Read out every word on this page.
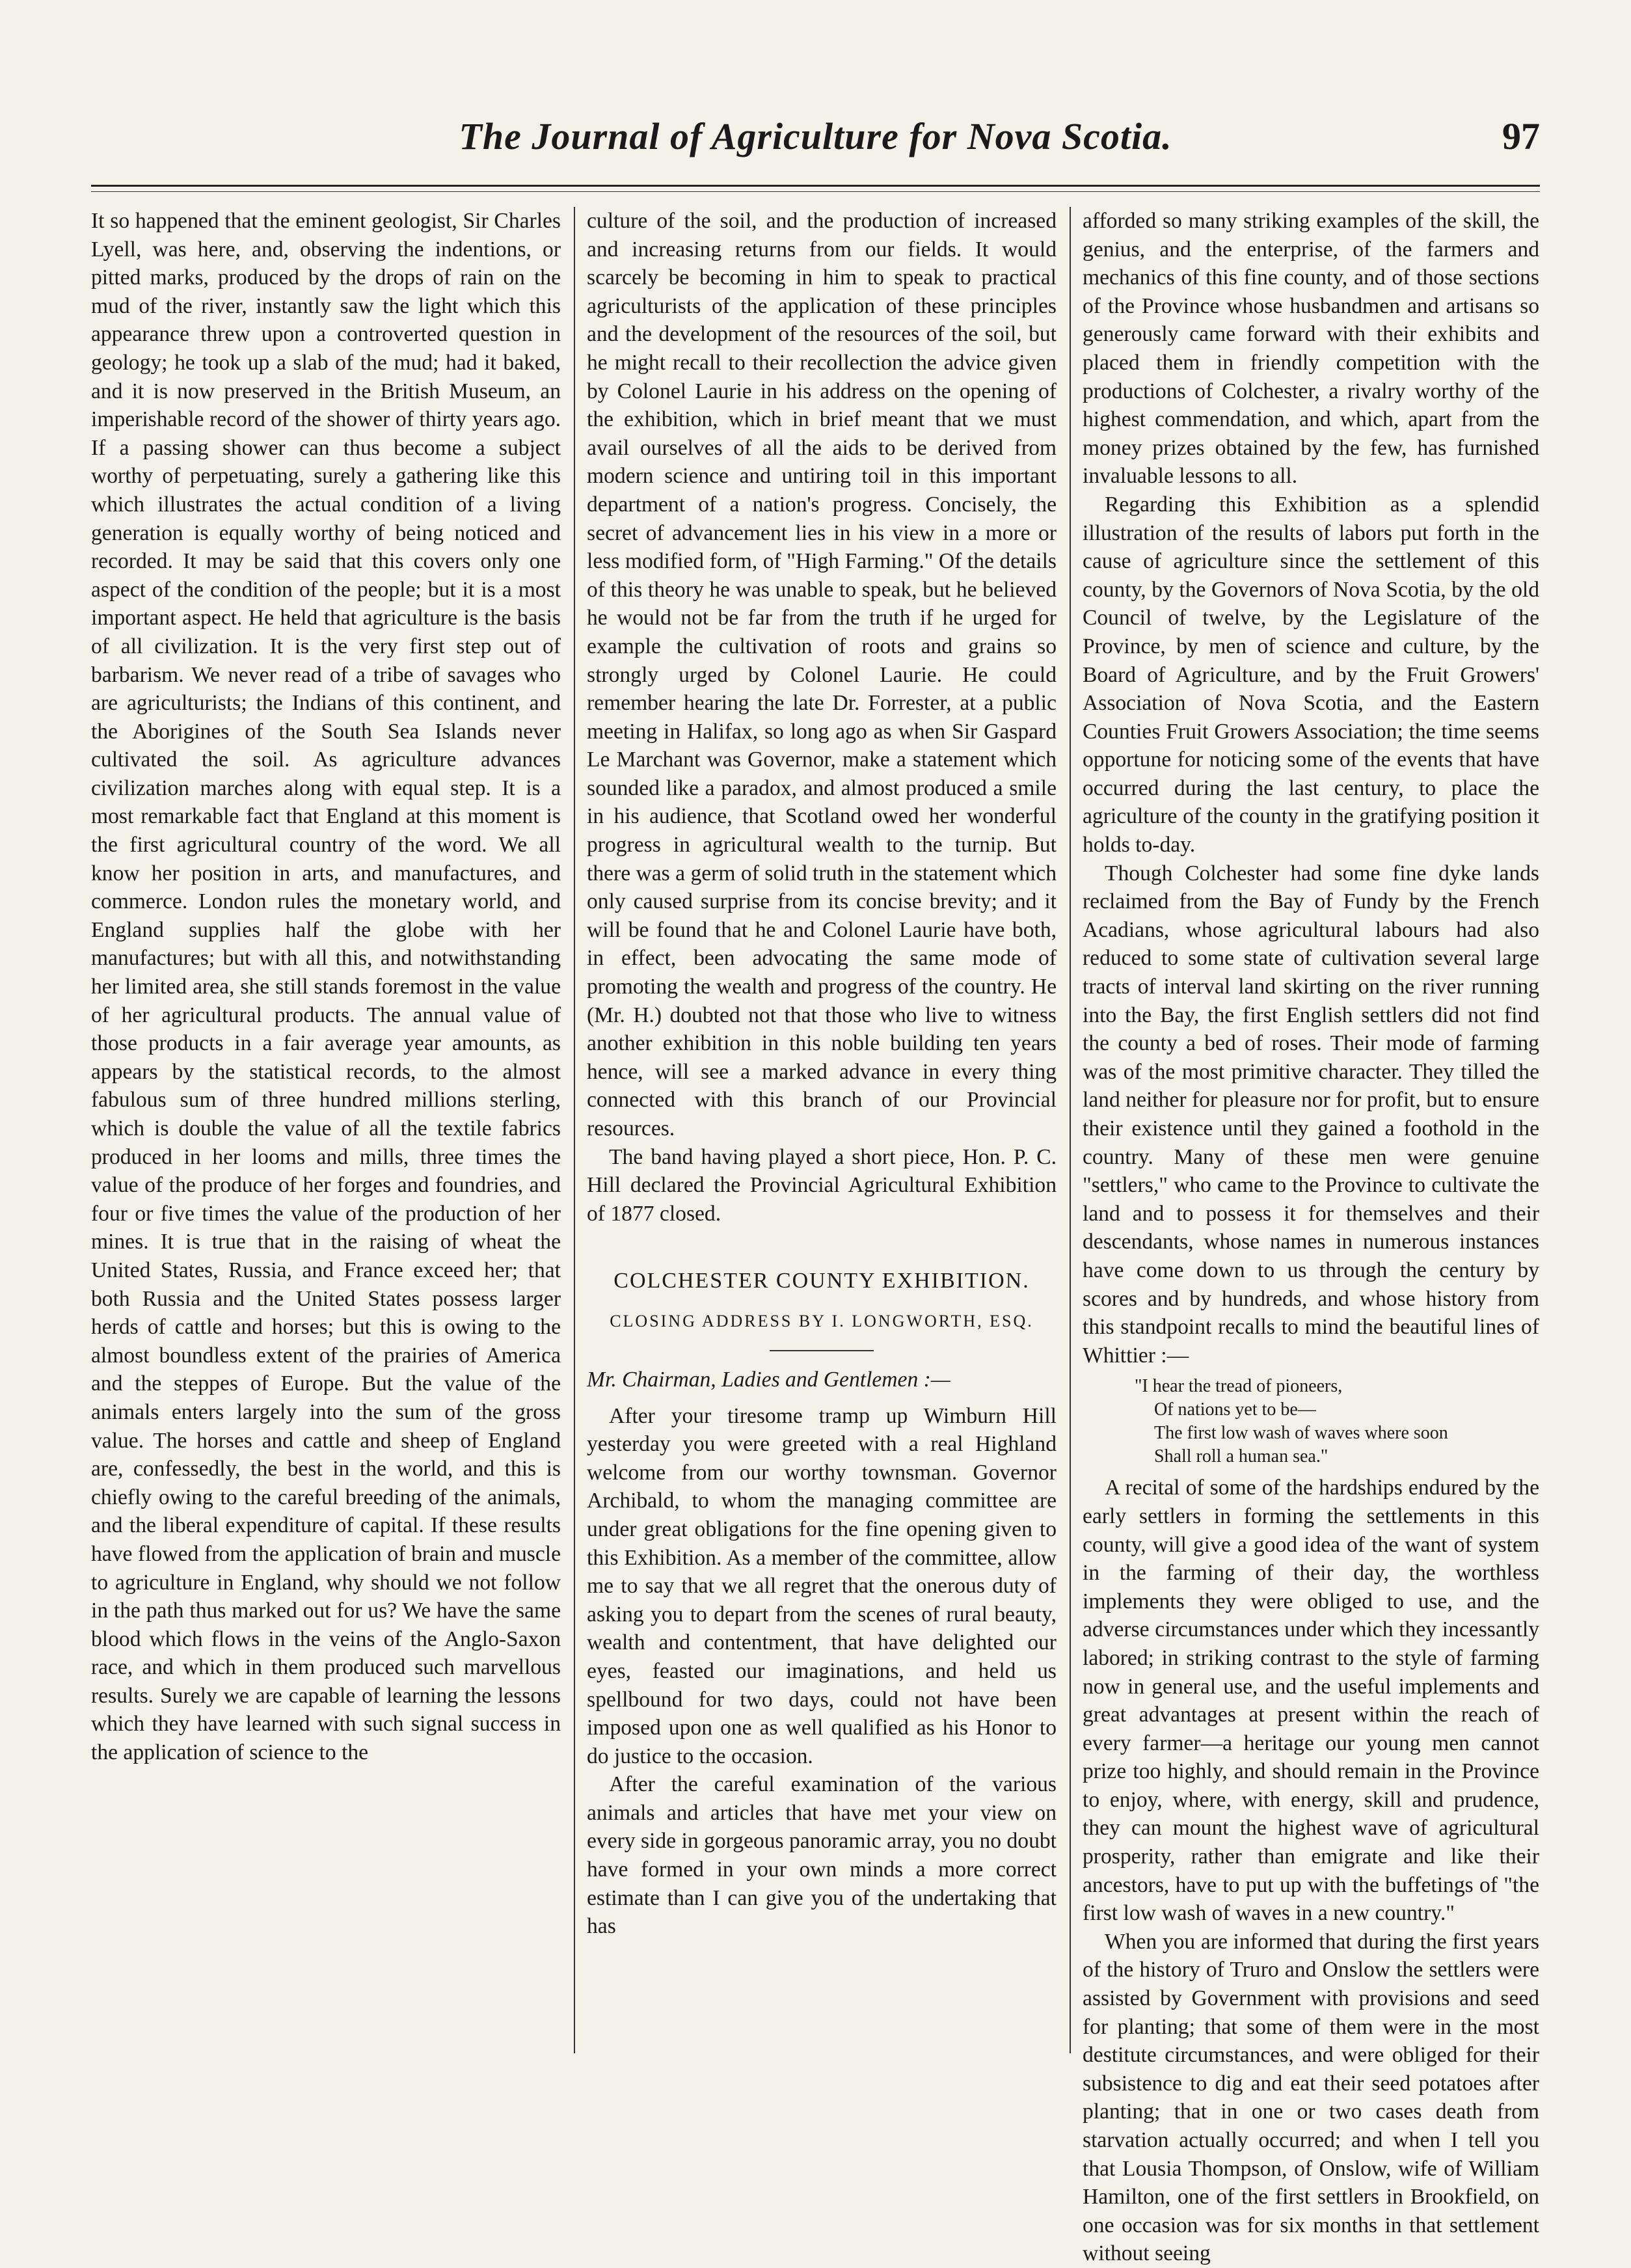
The Journal of Agriculture for Nova Scotia.	97

It so happened that the eminent geologist, Sir Charles Lyell, was here, and, observing the indentions, or pitted marks, produced by the drops of rain on the mud of the river, instantly saw the light which this appearance threw upon a controverted question in geology; he took up a slab of the mud; had it baked, and it is now preserved in the British Museum, an imperishable record of the shower of thirty years ago. If a passing shower can thus become a subject worthy of perpetuating, surely a gathering like this which illustrates the actual condition of a living generation is equally worthy of being noticed and recorded. It may be said that this covers only one aspect of the condition of the people; but it is a most important aspect. He held that agriculture is the basis of all civilization. It is the very first step out of barbarism. We never read of a tribe of savages who are agriculturists; the Indians of this continent, and the Aborigines of the South Sea Islands never cultivated the soil. As agriculture advances civilization marches along with equal step. It is a most remarkable fact that England at this moment is the first agricultural country of the word. We all know her position in arts, and manufactures, and commerce. London rules the monetary world, and England supplies half the globe with her manufactures; but with all this, and notwithstanding her limited area, she still stands foremost in the value of her agricultural products. The annual value of those products in a fair average year amounts, as appears by the statistical records, to the almost fabulous sum of three hundred millions sterling, which is double the value of all the textile fabrics produced in her looms and mills, three times the value of the produce of her forges and foundries, and four or five times the value of the production of her mines. It is true that in the raising of wheat the United States, Russia, and France exceed her; that both Russia and the United States possess larger herds of cattle and horses; but this is owing to the almost boundless extent of the prairies of America and the steppes of Europe. But the value of the animals enters largely into the sum of the gross value. The horses and cattle and sheep of England are, confessedly, the best in the world, and this is chiefly owing to the careful breeding of the animals, and the liberal expenditure of capital. If these results have flowed from the application of brain and muscle to agriculture in England, why should we not follow in the path thus marked out for us? We have the same blood which flows in the veins of the Anglo-Saxon race, and which in them produced such marvellous results. Surely we are capable of learning the lessons which they have learned with such signal success in the application of science to the

culture of the soil, and the production of increased and increasing returns from our fields. It would scarcely be becoming in him to speak to practical agriculturists of the application of these principles and the development of the resources of the soil, but he might recall to their recollection the advice given by Colonel Laurie in his address on the opening of the exhibition, which in brief meant that we must avail ourselves of all the aids to be derived from modern science and untiring toil in this important department of a nation's progress. Concisely, the secret of advancement lies in his view in a more or less modified form, of "High Farming." Of the details of this theory he was unable to speak, but he believed he would not be far from the truth if he urged for example the cultivation of roots and grains so strongly urged by Colonel Laurie. He could remember hearing the late Dr. Forrester, at a public meeting in Halifax, so long ago as when Sir Gaspard Le Marchant was Governor, make a statement which sounded like a paradox, and almost produced a smile in his audience, that Scotland owed her wonderful progress in agricultural wealth to the turnip. But there was a germ of solid truth in the statement which only caused surprise from its concise brevity; and it will be found that he and Colonel Laurie have both, in effect, been advocating the same mode of promoting the wealth and progress of the country. He (Mr. H.) doubted not that those who live to witness another exhibition in this noble building ten years hence, will see a marked advance in every thing connected with this branch of our Provincial resources.

The band having played a short piece, Hon. P. C. Hill declared the Provincial Agricultural Exhibition of 1877 closed.

COLCHESTER COUNTY EXHIBITION.
CLOSING ADDRESS BY I. LONGWORTH, ESQ.
Mr. Chairman, Ladies and Gentlemen :—

After your tiresome tramp up Wimburn Hill yesterday you were greeted with a real Highland welcome from our worthy townsman. Governor Archibald, to whom the managing committee are under great obligations for the fine opening given to this Exhibition. As a member of the committee, allow me to say that we all regret that the onerous duty of asking you to depart from the scenes of rural beauty, wealth and contentment, that have delighted our eyes, feasted our imaginations, and held us spellbound for two days, could not have been imposed upon one as well qualified as his Honor to do justice to the occasion.

After the careful examination of the various animals and articles that have met your view on every side in gorgeous panoramic array, you no doubt have formed in your own minds a more correct estimate than I can give you of the undertaking that has

afforded so many striking examples of the skill, the genius, and the enterprise, of the farmers and mechanics of this fine county, and of those sections of the Province whose husbandmen and artisans so generously came forward with their exhibits and placed them in friendly competition with the productions of Colchester, a rivalry worthy of the highest commendation, and which, apart from the money prizes obtained by the few, has furnished invaluable lessons to all.

Regarding this Exhibition as a splendid illustration of the results of labors put forth in the cause of agriculture since the settlement of this county, by the Governors of Nova Scotia, by the old Council of twelve, by the Legislature of the Province, by men of science and culture, by the Board of Agriculture, and by the Fruit Growers' Association of Nova Scotia, and the Eastern Counties Fruit Growers Association; the time seems opportune for noticing some of the events that have occurred during the last century, to place the agriculture of the county in the gratifying position it holds to-day.

Though Colchester had some fine dyke lands reclaimed from the Bay of Fundy by the French Acadians, whose agricultural labours had also reduced to some state of cultivation several large tracts of interval land skirting on the river running into the Bay, the first English settlers did not find the county a bed of roses. Their mode of farming was of the most primitive character. They tilled the land neither for pleasure nor for profit, but to ensure their existence until they gained a foothold in the country. Many of these men were genuine "settlers," who came to the Province to cultivate the land and to possess it for themselves and their descendants, whose names in numerous instances have come down to us through the century by scores and by hundreds, and whose history from this standpoint recalls to mind the beautiful lines of Whittier :—

"I hear the tread of pioneers,
Of nations yet to be—
The first low wash of waves where soon
Shall roll a human sea."

A recital of some of the hardships endured by the early settlers in forming the settlements in this county, will give a good idea of the want of system in the farming of their day, the worthless implements they were obliged to use, and the adverse circumstances under which they incessantly labored; in striking contrast to the style of farming now in general use, and the useful implements and great advantages at present within the reach of every farmer—a heritage our young men cannot prize too highly, and should remain in the Province to enjoy, where, with energy, skill and prudence, they can mount the highest wave of agricultural prosperity, rather than emigrate and like their ancestors, have to put up with the buffetings of "the first low wash of waves in a new country."

When you are informed that during the first years of the history of Truro and Onslow the settlers were assisted by Government with provisions and seed for planting; that some of them were in the most destitute circumstances, and were obliged for their subsistence to dig and eat their seed potatoes after planting; that in one or two cases death from starvation actually occurred; and when I tell you that Lousia Thompson, of Onslow, wife of William Hamilton, one of the first settlers in Brookfield, on one occasion was for six months in that settlement without seeing
